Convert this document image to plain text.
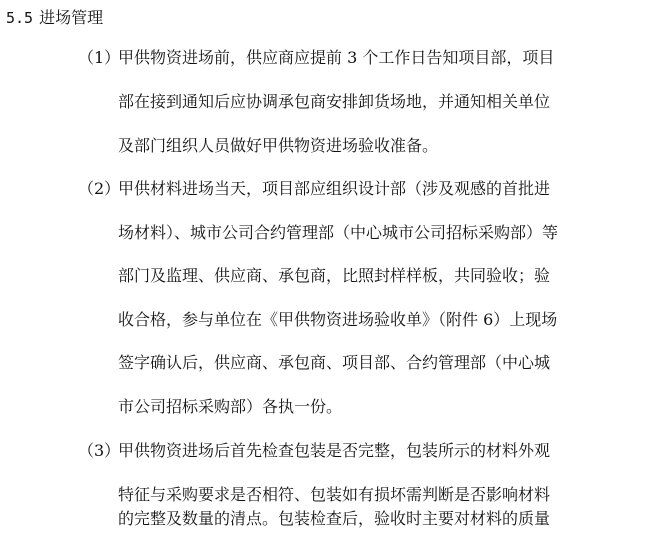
5.5 进场管理
（1）甲供物资进场前，供应商应提前 3 个工作日告知项目部，项目
部在接到通知后应协调承包商安排卸货场地，并通知相关单位
及部门组织人员做好甲供物资进场验收准备。
（2）甲供材料进场当天，项目部应组织设计部（涉及观感的首批进
场材料）、城市公司合约管理部（中心城市公司招标采购部）等
部门及监理、供应商、承包商，比照封样样板，共同验收；验
收合格，参与单位在《甲供物资进场验收单》（附件 6）上现场
签字确认后，供应商、承包商、项目部、合约管理部（中心城
市公司招标采购部）各执一份。
（3）甲供物资进场后首先检查包装是否完整，包装所示的材料外观
特征与采购要求是否相符、包装如有损坏需判断是否影响材料
的完整及数量的清点。包装检查后，验收时主要对材料的质量
